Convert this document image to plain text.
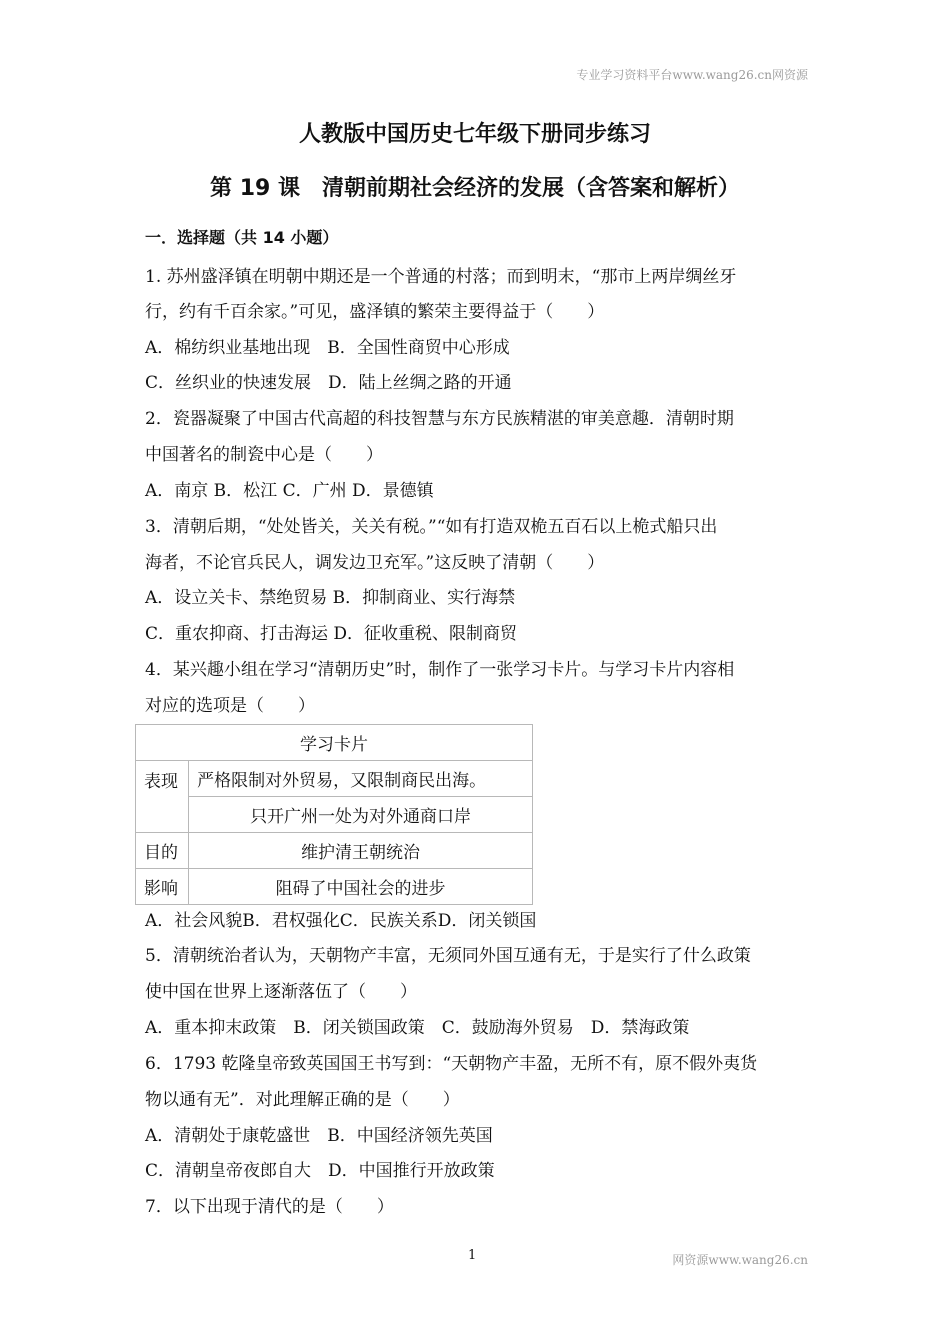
专业学习资料平台www.wang26.cn网资源
人教版中国历史七年级下册同步练习
第 19 课　清朝前期社会经济的发展（含答案和解析）
一．选择题（共 14 小题）
1. 苏州盛泽镇在明朝中期还是一个普通的村落；而到明末，“那市上两岸绸丝牙
行，约有千百余家。”可见，盛泽镇的繁荣主要得益于（　　）
A．棉纺织业基地出现　B．全国性商贸中心形成
C．丝织业的快速发展　D．陆上丝绸之路的开通
2．瓷器凝聚了中国古代高超的科技智慧与东方民族精湛的审美意趣．清朝时期
中国著名的制瓷中心是（　　）
A．南京 B．松江 C．广州 D．景德镇
3．清朝后期，“处处皆关，关关有税。”“如有打造双桅五百石以上桅式船只出
海者，不论官兵民人，调发边卫充军。”这反映了清朝（　　）
A．设立关卡、禁绝贸易 B．抑制商业、实行海禁
C．重农抑商、打击海运 D．征收重税、限制商贸
4．某兴趣小组在学习“清朝历史”时，制作了一张学习卡片。与学习卡片内容相
对应的选项是（　　）
学习卡片	
表现	严格限制对外贸易，又限制商民出海。
	只开广州一处为对外通商口岸
目的	维护清王朝统治
影响	阻碍了中国社会的进步
A．社会风貌B．君权强化C．民族关系D．闭关锁国
5．清朝统治者认为，天朝物产丰富，无须同外国互通有无，于是实行了什么政策
使中国在世界上逐渐落伍了（　　）
A．重本抑末政策　B．闭关锁国政策　C．鼓励海外贸易　D．禁海政策
6．1793 乾隆皇帝致英国国王书写到：“天朝物产丰盈，无所不有，原不假外夷货
物以通有无”．对此理解正确的是（　　）
A．清朝处于康乾盛世　B．中国经济领先英国
C．清朝皇帝夜郎自大　D．中国推行开放政策
7．以下出现于清代的是（　　）
1	网资源www.wang26.cn
